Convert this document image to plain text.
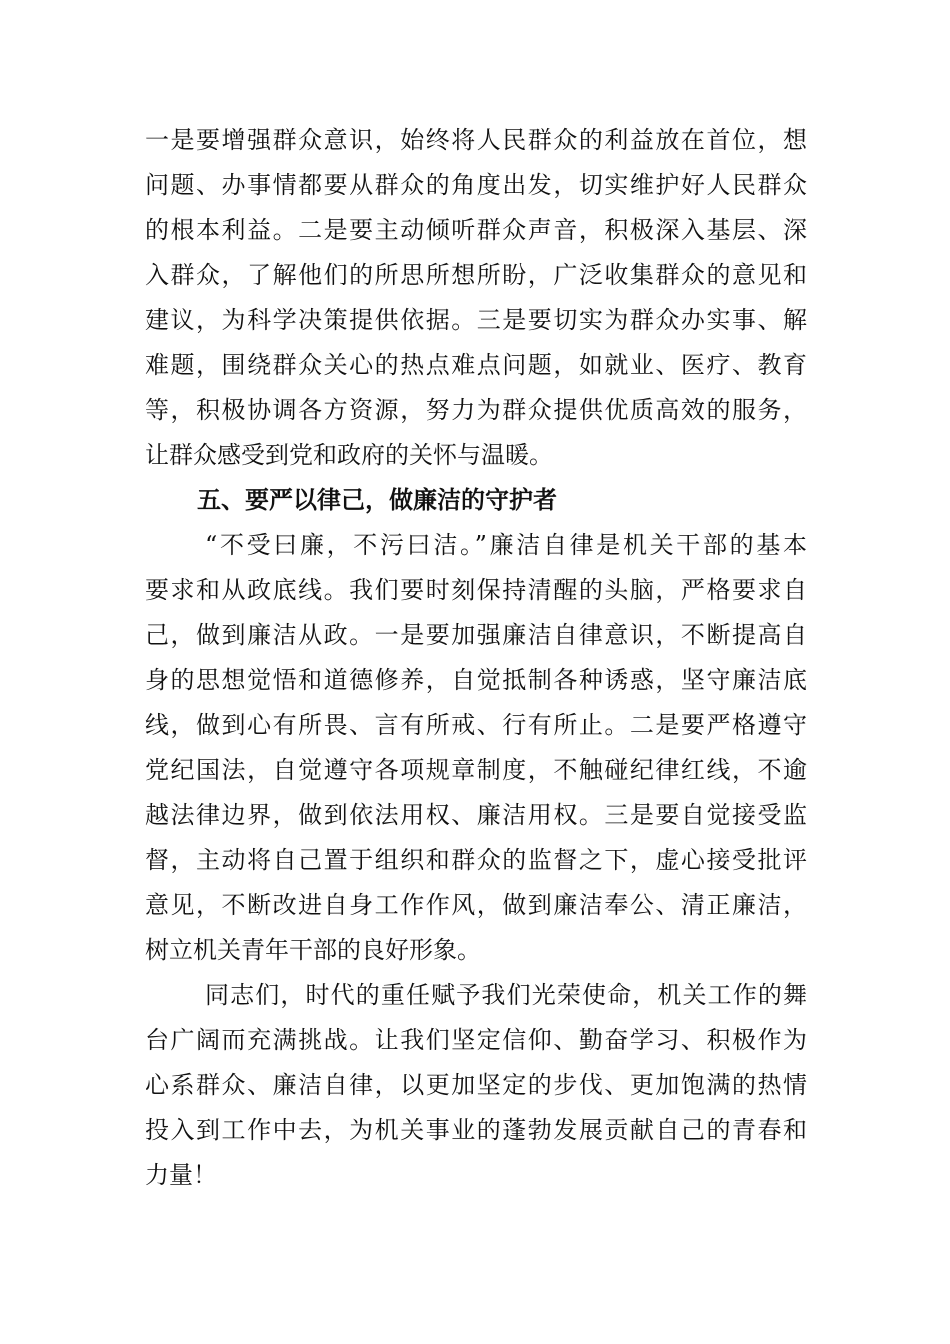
一是要增强群众意识，始终将人民群众的利益放在首位，想
问题、办事情都要从群众的角度出发，切实维护好人民群众
的根本利益。二是要主动倾听群众声音，积极深入基层、深
入群众，了解他们的所思所想所盼，广泛收集群众的意见和
建议，为科学决策提供依据。三是要切实为群众办实事、解
难题，围绕群众关心的热点难点问题，如就业、医疗、教育
等，积极协调各方资源，努力为群众提供优质高效的服务，
让群众感受到党和政府的关怀与温暖。
五、要严以律己，做廉洁的守护者
“不受曰廉，不污曰洁。”廉洁自律是机关干部的基本
要求和从政底线。我们要时刻保持清醒的头脑，严格要求自
己，做到廉洁从政。一是要加强廉洁自律意识，不断提高自
身的思想觉悟和道德修养，自觉抵制各种诱惑，坚守廉洁底
线，做到心有所畏、言有所戒、行有所止。二是要严格遵守
党纪国法，自觉遵守各项规章制度，不触碰纪律红线，不逾
越法律边界，做到依法用权、廉洁用权。三是要自觉接受监
督，主动将自己置于组织和群众的监督之下，虚心接受批评
意见，不断改进自身工作作风，做到廉洁奉公、清正廉洁，
树立机关青年干部的良好形象。
同志们，时代的重任赋予我们光荣使命，机关工作的舞
台广阔而充满挑战。让我们坚定信仰、勤奋学习、积极作为
心系群众、廉洁自律，以更加坚定的步伐、更加饱满的热情
投入到工作中去，为机关事业的蓬勃发展贡献自己的青春和
力量！
